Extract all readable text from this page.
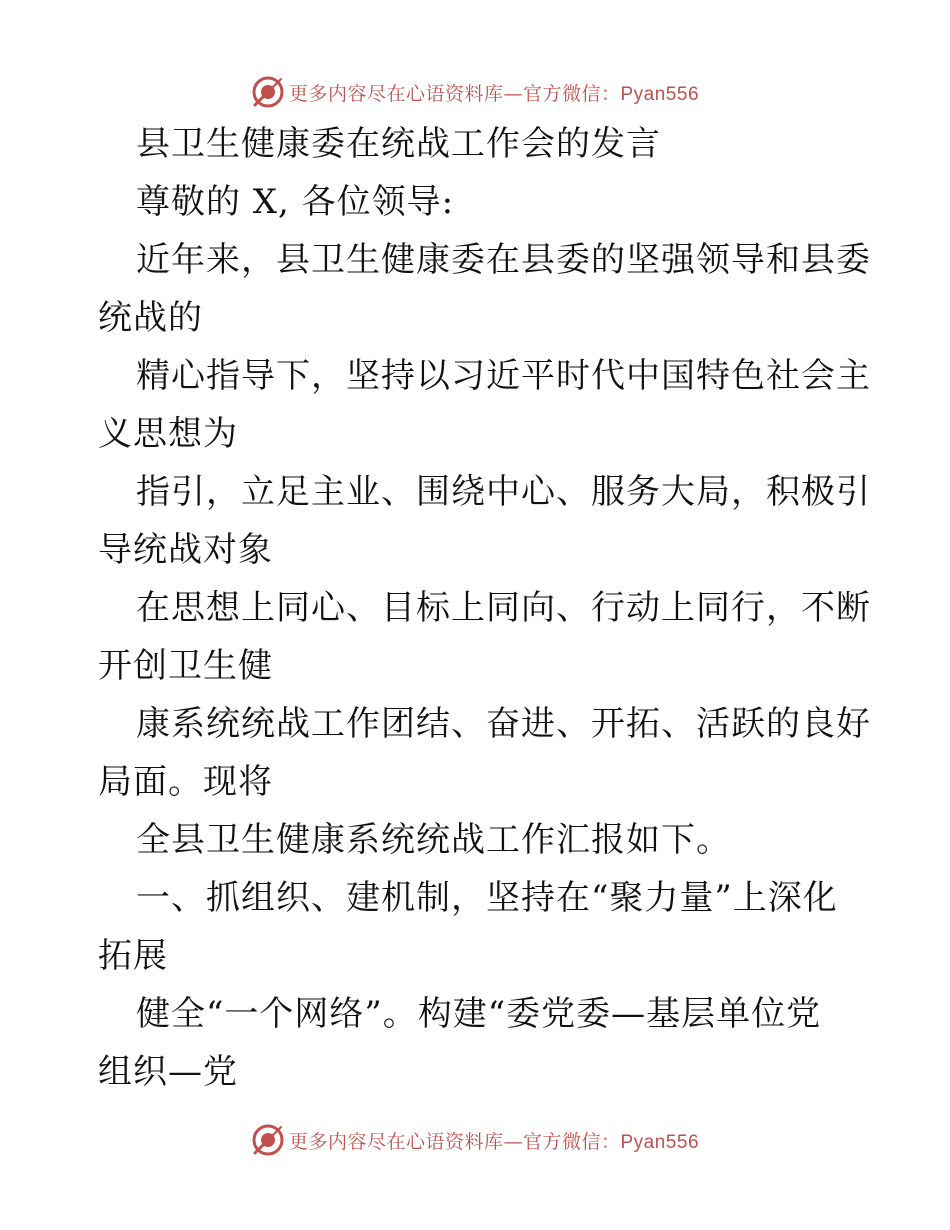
更多内容尽在心语资料库—官方微信：Pyan556
县卫生健康委在统战工作会的发言
尊敬的 X, 各位领导:
近年来，县卫生健康委在县委的坚强领导和县委
统战的
精心指导下，坚持以习近平时代中国特色社会主
义思想为
指引，立足主业、围绕中心、服务大局，积极引
导统战对象
在思想上同心、目标上同向、行动上同行，不断
开创卫生健
康系统统战工作团结、奋进、开拓、活跃的良好
局面。现将
全县卫生健康系统统战工作汇报如下。
一、抓组织、建机制，坚持在“聚力量”上深化
拓展
健全“一个网络”。构建“委党委—基层单位党
组织—党
更多内容尽在心语资料库—官方微信：Pyan556
